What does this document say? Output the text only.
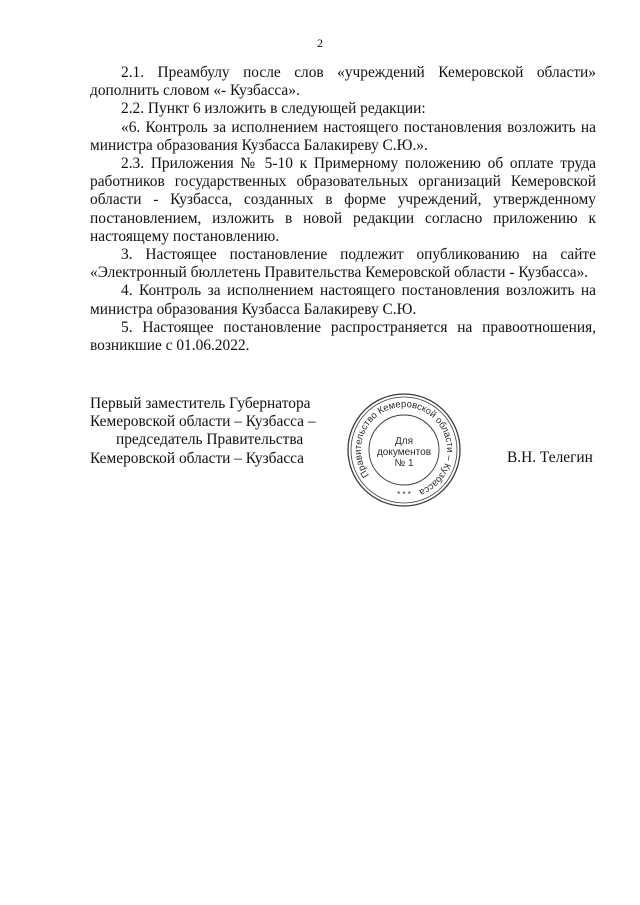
2

2.1. Преамбулу после слов «учреждений Кемеровской области» дополнить словом «- Кузбасса».

2.2. Пункт 6 изложить в следующей редакции:

«6. Контроль за исполнением настоящего постановления возложить на министра образования Кузбасса Балакиреву С.Ю.».

2.3. Приложения № 5-10 к Примерному положению об оплате труда работников государственных образовательных организаций Кемеровской области - Кузбасса, созданных в форме учреждений, утвержденному постановлением, изложить в новой редакции согласно приложению к настоящему постановлению.

3. Настоящее постановление подлежит опубликованию на сайте «Электронный бюллетень Правительства Кемеровской области - Кузбасса».

4. Контроль за исполнением настоящего постановления возложить на министра образования Кузбасса Балакиреву С.Ю.

5. Настоящее постановление распространяется на правоотношения, возникшие с 01.06.2022.

Первый заместитель Губернатора
Кемеровской области – Кузбасса –
председатель Правительства
Кемеровской области – Кузбасса
Правительство Кемеровской области – Кузбасса
Для
документов
№ 1
* * *
В.Н. Телегин
